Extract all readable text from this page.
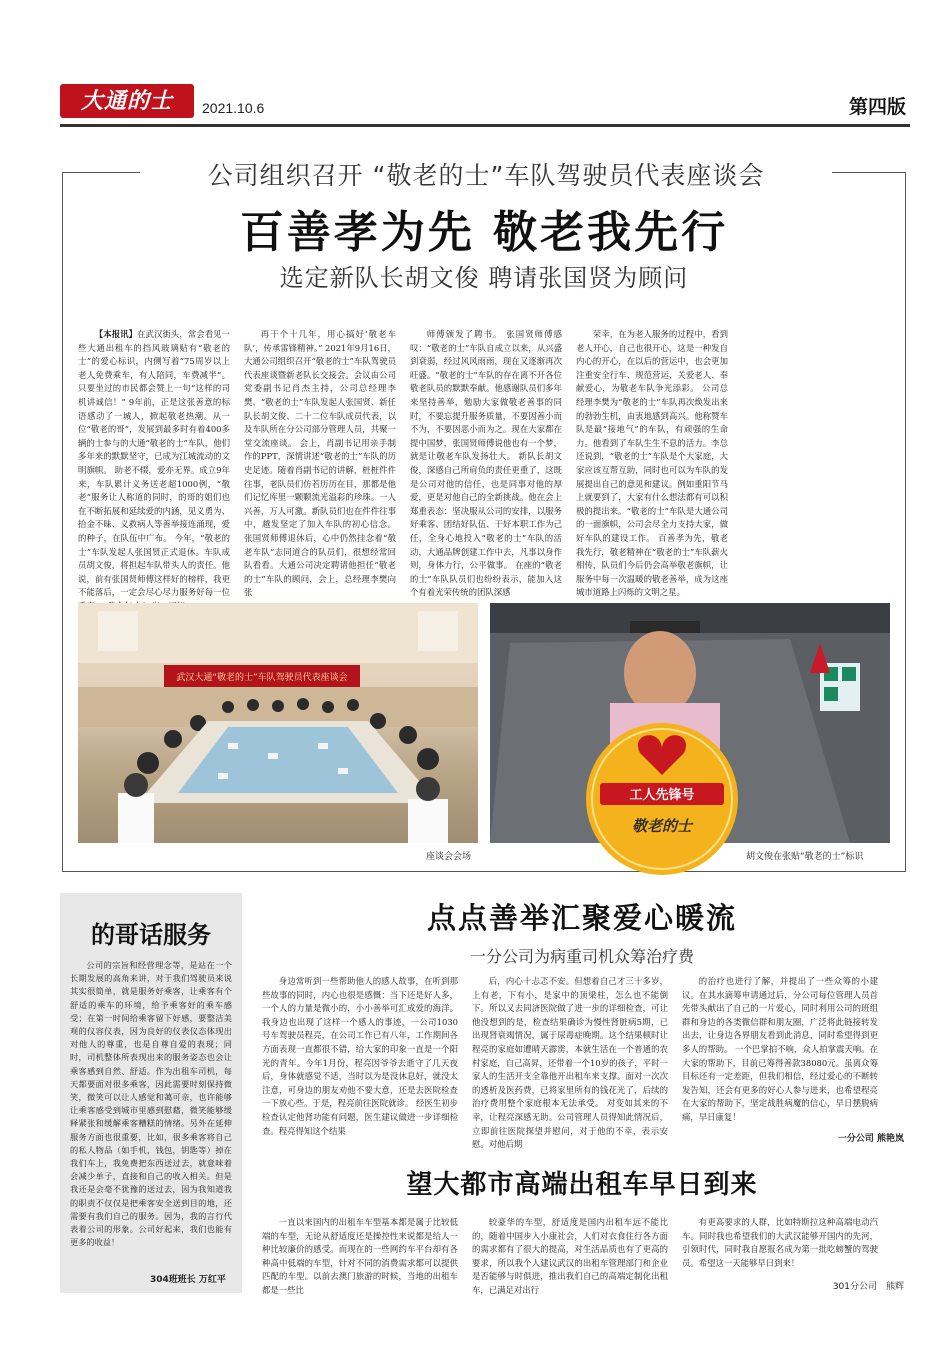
大通的士	2021.10.6	第四版
公司组织召开 “敬老的士”车队驾驶员代表座谈会
百善孝为先 敬老我先行
选定新队长胡文俊 聘请张国贤为顾问

【本报讯】在武汉街头，常会看见一些大通出租车的挡风玻璃贴有“敬老的士”的爱心标识，内侧写着“75周岁以上老人免费乘车，有人陪同，车费减半”。只要坐过的市民都会赞上一句“这样的司机讲诚信！” 9年前，正是这张善意的标语感动了一城人，掀起敬老热潮。从一位“敬老的哥”，发展到最多时有着400多辆的士参与的大通“敬老的士”车队，他们多年来的默默坚守，已成为江城流动的文明旗帜。 助老不辍，爱亦无界。成立9年来，车队累计义务送老超1000例，“敬老”服务让人称道的同时，的哥的姐们也在不断拓展和延续爱的内涵，见义勇为、拾金不昧、义救病人等善举接连涌现，爱的种子，在队伍中广布。 今年，“敬老的士”车队发起人张国贤正式退休。车队成员胡文俊，将担起车队带头人的责任。他说，前有张国贤师傅这样好的榜样，我更不能落后，一定会尽心尽力服务好每一位

再干个十几年，用心搞好‘敬老车队’，传承雷锋精神。” 2021年9月16日，大通公司组织召开“敬老的士”车队驾驶员代表座谈暨新老队长交接会。会议由公司党委副书记肖杰主持，公司总经理李樊、“敬老的士”车队发起人张国贤、新任队长胡文俊、二十二位车队成员代表，以及车队所在分公司部分管理人员，共聚一堂交流座谈。 会上，肖副书记用亲手制作的PPT，深情讲述“敬老的士”车队的历史足迹。随着肖副书记的讲解，桩桩件件往事，老队员们仿若历历在目，那都是他们记忆库里一颗颗流光溢彩的珍珠。一人兴善，万人可激。新队员们也在件件往事中，越发坚定了加入车队的初心信念。 张国贤师傅退休后，心中仍然挂念着“敬老车队”志同道合的队员们，很想经常回队看看。大通公司决定聘请他担任“敬老的士”车队的顾问，会上，总经理李樊向张

师傅颁发了聘书。 张国贤师傅感叹：“敬老的士”车队自成立以来，从兴盛到衰弱，经过风风雨雨，现在又逐渐再次旺盛。“敬老的士”车队的存在离不开各位敬老队员的默默奉献。他感谢队员们多年来坚持善举，勉励大家做敬老善事的同时，不要忘提升服务质量，不要因善小而不为，不要因恶小而为之。现在大家都在提中国梦，张国贤师傅说他也有一个梦，就是让敬老车队发扬壮大。 新队长胡文俊，深感自己所肩负的责任更重了，这既是公司对他的信任，也是同事对他的厚爱，更是对他自己的全新挑战。他在会上郑重表态：坚决服从公司的安排，以服务好乘客、团结好队伍、干好本职工作为己任，全身心地投入“敬老的士”车队的活动，大通品牌创建工作中去，凡事以身作则，身体力行，公平做事。 在座的“敬老的士”车队队员们也纷纷表示，能加入这个有着光荣传统的团队深感

荣幸，在为老人服务的过程中，看到老人开心，自己也很开心，这是一种发自内心的开心，在以后的营运中，也会更加注重安全行车、规范营运、关爱老人、奉献爱心，为敬老车队争光添彩。 公司总经理李樊为“敬老的士”车队再次焕发出来的勃勃生机，由衷地感到高兴。他称赞车队是最“接地气”的车队，有顽强的生命力。他看到了车队生生不息的活力。李总还说到，“敬老的士”车队是个大家庭，大家应该互帮互助，同时也可以为车队的发展提出自己的意见和建议。例如重阳节马上就要到了，大家有什么想法都有可以积极的提出来。“敬老的士”车队是大通公司的一面旗帜，公司会尽全力支持大家，做好车队的建设工作。 百善孝为先，敬老我先行，敬老精神在“敬老的士”车队薪火相传，队员们今后仍会高举敬老旗帜，让服务中每一次温暖的敬老善举，成为这座城市道路上闪烁的文明之星。

武汉大通“敬老的士”车队驾驶员代表座谈会
座谈会会场
工人先锋号
敬老的士
胡文俊在张贴“敬老的士”标识
的哥话服务

公司的宗旨和经营理念等，是站在一个长期发展的高角来讲，对于我们驾驶员来说其实很简单，就是服务好乘客，让乘客有个舒适的乘车的环境，给予乘客好的乘车感受；在第一时间给乘客留下好感，要整洁美观的仪容仪表，因为良好的仪表仪态体现出对他人的尊重，也是自尊自爱的表现；同时，司机整体所表现出来的服务姿态也会让乘客感到自然、舒适。作为出租车司机，每天都要面对很多乘客，因此需要时刻保持微笑，微笑可以让人感觉和蔼可亲，也许能够让乘客感受到城市里感到慰藉，微笑能够缓释紧张和缓解乘客糟糕的情绪。另外在延伸服务方面也很重要，比如，很多乘客将自己的私人物品（如手机，钱包，钥匙等）掉在我们车上，我免费把东西送过去，就意味着会减少单子，直接和自己的收入相关。但是我还是会毫不犹豫的送过去，因为我知道我的职责不仅仅是把乘客安全送到目的地，还需要有我们自己的服务。因为，我的言行代表着公司的形象。公司好起来，我们也能有更多的收益！

304班班长 万红平
点点善举汇聚爱心暖流
一分公司为病重司机众筹治疗费

身边常听到一些帮助他人的感人故事，在听到那些故事的同时，内心也很是感慨：当下还是好人多，一个人的力量是微小的，小小善举可汇成爱的海洋。我身边也出现了这样一个感人的事迹，一公司1030号车驾驶员程亮，在公司工作已有八年，工作期间各方面表现一直都很不错，给大家的印象一直是一个阳光的青年。今年1月份，程亮因爷爷去逝守了几天夜后，身体就感觉不适，当时以为是没休息好，就没太注意，可身边的朋友劝他不要大意，还是去医院检查一下放心些。于是，程亮前往医院就诊。 经医生初步检查认定他肾功能有问题，医生建议做进一步详细检查。程亮得知这个结果

后，内心十忐忑不安。但想着自己才三十多岁，上有老，下有小，是家中的顶梁柱，怎么也不能倒下。所以又去同济医院做了进一步的详细检查，可让他没想到的是，检查结果确诊为慢性肾脏病5期，已出现肾衰竭情况，属于尿毒症晚期。这个结果顿时让程亮的家庭如遭晴天霹雳，本就生活在一个普通的农村家庭，自己高昇，还带着一个10岁的孩子，平时一家人的生活开支全靠他开出租车来支撑。面对一次次的透析及医药费，已将家里所有的钱花光了，后续的治疗费用整个家庭根本无法承受。 对变如其来的不幸，让程亮深感无助。公司管理人员得知此情况后，立即前往医院探望并慰问，对于他的不幸，表示安慰。对他后期

的治疗也进行了解，并提出了一些众筹的小建议。在其水滴筹申请通过后，分公司每位管理人员首先带头献出了自己的一片爱心，同时利用公司的班组群和身边的各类微信群和朋友圈，广泛将此链接转发出去，让身边各界朋友看到此消息，同时希望得到更多人的帮助。 一个巴掌拍不响，众人拍掌震天响。在大家的帮助下，目前已筹得善款38080元。虽离众筹目标还有一定差距，但我们相信，经过爱心的不断转发告知，还会有更多的好心人参与进来，也希望程亮在大家的帮助下，坚定战胜病魔的信心，早日摆脱病痛，早日康复！

一分公司 熊艳岚
望大都市高端出租车早日到来

一直以来国内的出租车车型基本都是属于比较低端的车型，无论从舒适度还是操控性来说都是给人一种比较廉价的感受。而现在的一些网约车平台却有各种高中低端的车型，针对不同的消费需求都可以提供匹配的车型。以前去澳门旅游的时候，当地的出租车都是一些比

较豪华的车型，舒适度是国内出租车远不能比的，随着中国步入小康社会，人们对衣食住行各方面的需求都有了很大的提高，对生活品质也有了更高的要求，所以我个人建议武汉的出租车管理部门和企业是否能够与时俱进，推出我们自己的高端定制化出租车，已满足对出行

有更高要求的人群，比如特斯拉这种高端电动汽车。同时我也希望我们的大武汉能够开国内的先河，引领时代，同时我自愿报名成为第一批吃螃蟹的驾驶员。希望这一天能够早日到来！

301分公司　熊辉
